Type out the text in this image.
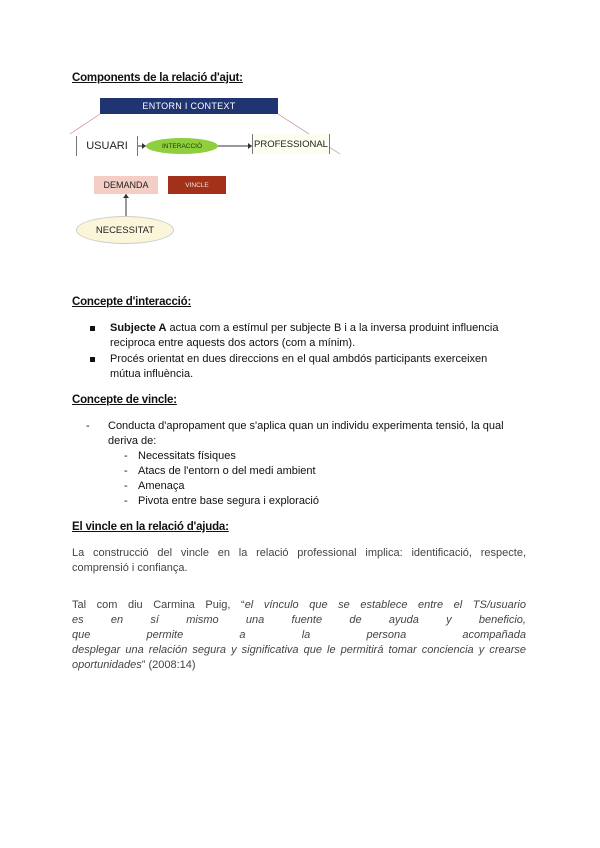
Components de la relació d'ajut:
ENTORN I CONTEXT
USUARI	INTERACCIÓ	PROFESSIONAL
DEMANDA	VINCLE
NECESSITAT
Concepte d'interacció:
Subjecte A actua com a estímul per subjecte B i a la inversa produint influencia reciproca entre aquests dos actors (com a mínim).
Procés orientat en dues direccions en el qual ambdós participants exerceixen mútua influència.
Concepte de vincle:
- Conducta d'apropament que s'aplica quan un individu experimenta tensió, la qual deriva de:
- Necessitats físiques
- Atacs de l'entorn o del medi ambient
- Amenaça
- Pivota entre base segura i exploració
El vincle en la relació d'ajuda:
La construcció del vincle en la relació professional implica: identificació, respecte, comprensió i confiança.
Tal com diu Carmina Puig, “el vínculo que se establece entre el TS/usuario
es en sí mismo una fuente de ayuda y beneficio,
que permite a la persona acompañada
desplegar una relación segura y significativa que le permitirá tomar conciencia y crearse
oportunidades” (2008:14)
